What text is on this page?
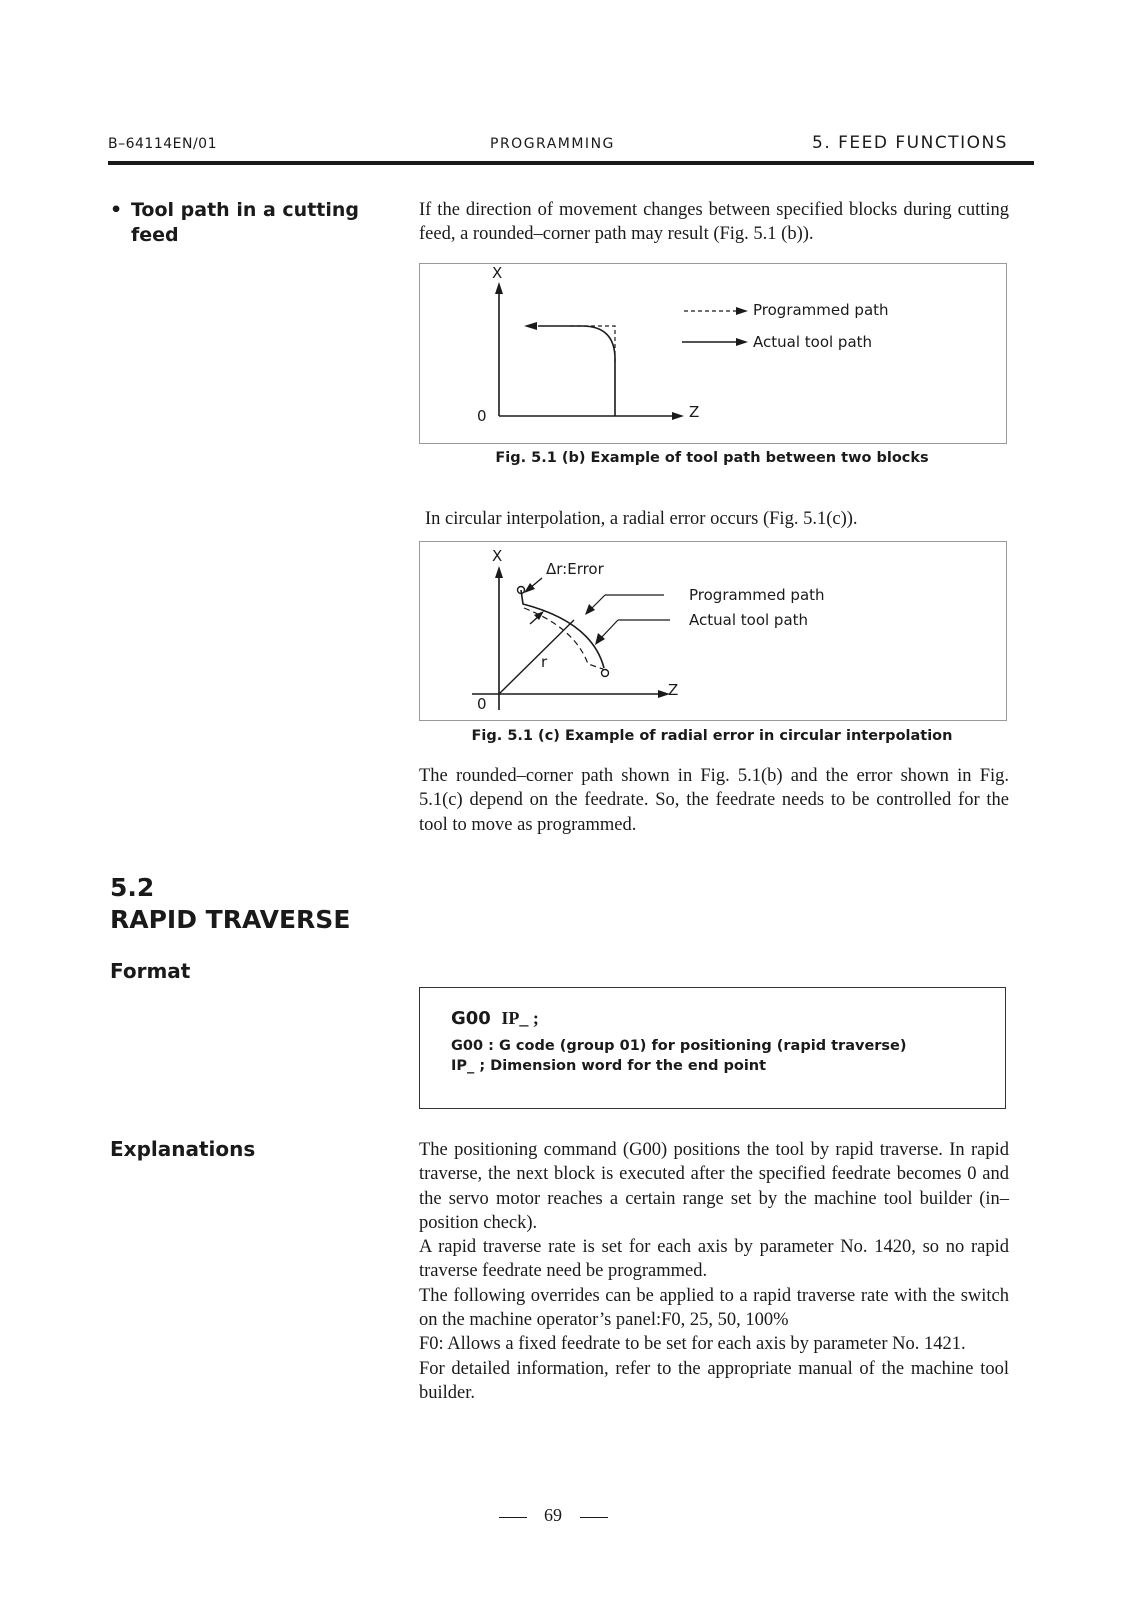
B–64114EN/01	PROGRAMMING	5. FEED FUNCTIONS
• Tool path in a cutting
feed
If the direction of movement changes between specified blocks during cutting feed, a rounded–corner path may result (Fig. 5.1 (b)).
X
Z
0
Programmed path
Actual tool path
Fig. 5.1 (b) Example of tool path between two blocks
In circular interpolation, a radial error occurs (Fig. 5.1(c)).
X
Z
0
Δr:Error
r
Programmed path
Actual tool path
Fig. 5.1 (c) Example of radial error in circular interpolation
The rounded–corner path shown in Fig. 5.1(b) and the error shown in Fig. 5.1(c) depend on the feedrate. So, the feedrate needs to be controlled for the tool to move as programmed.
5.2
RAPID TRAVERSE
Format
G00 IP_ ;
G00 : G code (group 01) for positioning (rapid traverse)
IP_ ; Dimension word for the end point
Explanations	The positioning command (G00) positions the tool by rapid traverse. In rapid traverse, the next block is executed after the specified feedrate becomes 0 and the servo motor reaches a certain range set by the machine tool builder (in–position check).
A rapid traverse rate is set for each axis by parameter No. 1420, so no rapid traverse feedrate need be programmed.
The following overrides can be applied to a rapid traverse rate with the switch on the machine operator’s panel:F0, 25, 50, 100%
F0: Allows a fixed feedrate to be set for each axis by parameter No. 1421.
For detailed information, refer to the appropriate manual of the machine tool builder.
69
